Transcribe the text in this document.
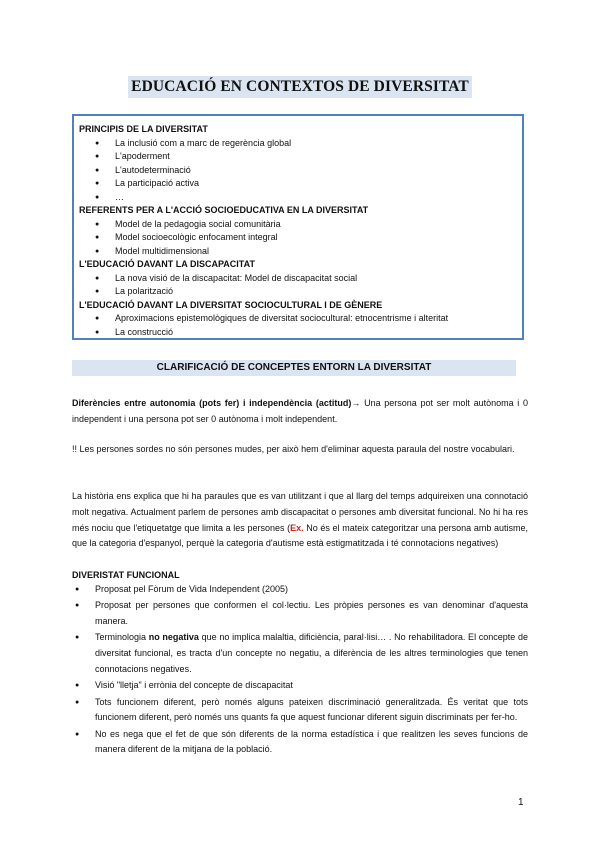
EDUCACIÓ EN CONTEXTOS DE DIVERSITAT
PRINCIPIS DE LA DIVERSITAT
● La inclusió com a marc de regerència global
● L'apoderment
● L'autodeterminació
● La participació activa
● …
REFERENTS PER A L'ACCIÓ SOCIOEDUCATIVA EN LA DIVERSITAT
● Model de la pedagogia social comunitària
● Model socioecològic enfocament integral
● Model multidimensional
L'EDUCACIÓ DAVANT LA DISCAPACITAT
● La nova visió de la discapacitat: Model de discapacitat social
● La polarització
L'EDUCACIÓ DAVANT LA DIVERSITAT SOCIOCULTURAL I DE GÈNERE
● Aproximacions epistemològiques de diversitat sociocultural: etnocentrisme i alteritat
● La construcció
CLARIFICACIÓ DE CONCEPTES ENTORN LA DIVERSITAT
Diferències entre autonomia (pots fer) i independència (actitud)→ Una persona pot ser molt autònoma i 0 independent i una persona pot ser 0 autònoma i molt independent.
!! Les persones sordes no són persones mudes, per això hem d'eliminar aquesta paraula del nostre vocabulari.
La història ens explica que hi ha paraules que es van utilitzant i que al llarg del temps adquireixen una connotació molt negativa. Actualment parlem de persones amb discapacitat o persones amb diversitat funcional. No hi ha res més nociu que l'etiquetatge que limita a les persones (Ex. No és el mateix categoritzar una persona amb autisme, que la categoria d'espanyol, perquè la categoria d'autisme està estigmatitzada i té connotacions negatives)
DIVERISTAT FUNCIONAL
● Proposat pel Fòrum de Vida Independent (2005)
● Proposat per persones que conformen el col·lectiu. Les pròpies persones es van denominar d'aquesta manera.
● Terminologia no negativa que no implica malaltia, dificiència, paral·lisi… . No rehabilitadora. El concepte de diversitat funcional, es tracta d'un concepte no negatiu, a diferència de les altres terminologies que tenen connotacions negatives.
● Visió "lletja" i errònia del concepte de discapacitat
● Tots funcionem diferent, però només alguns pateixen discriminació generalitzada. És veritat que tots funcionem diferent, però només uns quants fa que aquest funcionar diferent siguin discriminats per fer-ho.
● No es nega que el fet de que són diferents de la norma estadística i que realitzen les seves funcions de manera diferent de la mitjana de la població.
1
